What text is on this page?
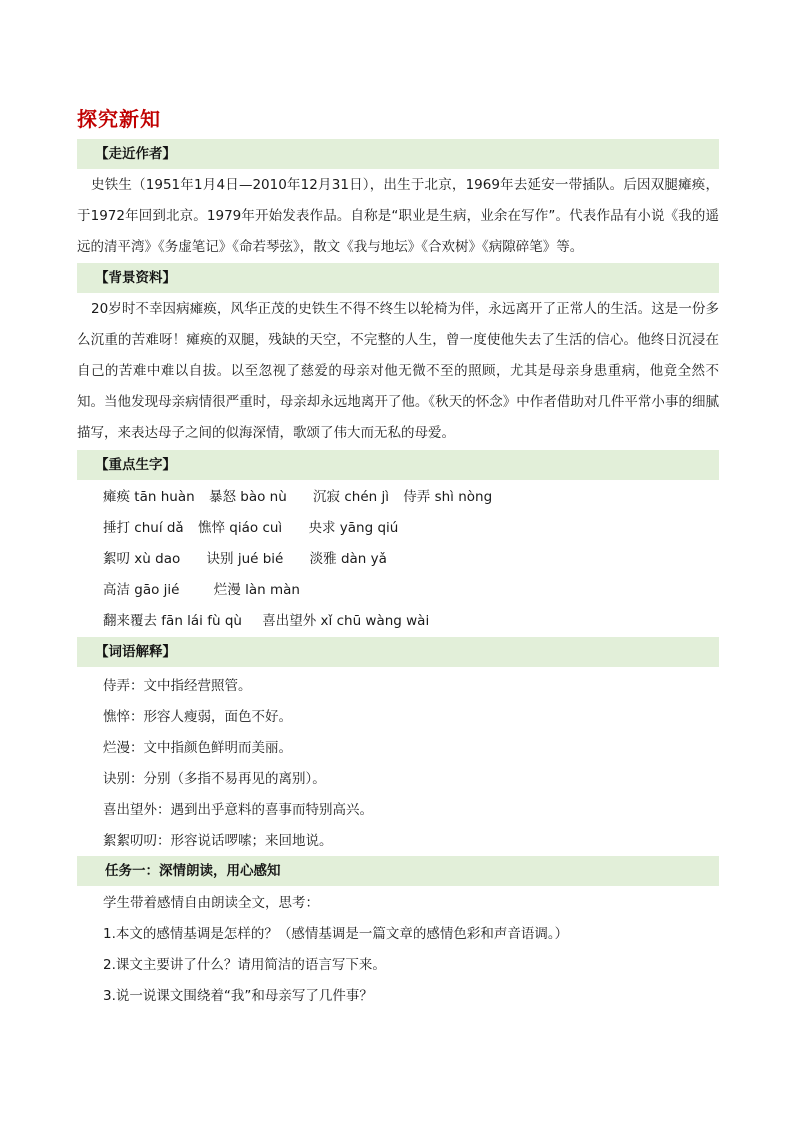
探究新知
【走近作者】

史铁生（1951年1月4日—2010年12月31日），出生于北京，1969年去延安一带插队。后因双腿瘫痪，于1972年回到北京。1979年开始发表作品。自称是“职业是生病，业余在写作”。代表作品有小说《我的遥远的清平湾》《务虚笔记》《命若琴弦》，散文《我与地坛》《合欢树》《病隙碎笔》等。

【背景资料】

20岁时不幸因病瘫痪，风华正茂的史铁生不得不终生以轮椅为伴，永远离开了正常人的生活。这是一份多么沉重的苦难呀！瘫痪的双腿，残缺的天空，不完整的人生，曾一度使他失去了生活的信心。他终日沉浸在自己的苦难中难以自拔。以至忽视了慈爱的母亲对他无微不至的照顾，尤其是母亲身患重病，他竟全然不知。当他发现母亲病情很严重时，母亲却永远地离开了他。《秋天的怀念》中作者借助对几件平常小事的细腻描写，来表达母子之间的似海深情，歌颂了伟大而无私的母爱。

【重点生字】
瘫痪 tān huàn 暴怒 bào nù 沉寂 chén jì 侍弄 shì nòng
捶打 chuí dǎ 憔悴 qiáo cuì 央求 yāng qiú
絮叨 xù dao 诀别 jué bié 淡雅 dàn yǎ
高洁 gāo jié	烂漫 làn màn
翻来覆去 fān lái fù qù 喜出望外 xǐ chū wàng wài
【词语解释】
侍弄：文中指经营照管。
憔悴：形容人瘦弱，面色不好。
烂漫：文中指颜色鲜明而美丽。
诀别：分别（多指不易再见的离别）。
喜出望外：遇到出乎意料的喜事而特别高兴。
絮絮叨叨：形容说话啰嗦；来回地说。
任务一：深情朗读，用心感知
学生带着感情自由朗读全文，思考：
1.本文的感情基调是怎样的？（感情基调是一篇文章的感情色彩和声音语调。）
2.课文主要讲了什么？请用简洁的语言写下来。
3.说一说课文围绕着“我”和母亲写了几件事？
